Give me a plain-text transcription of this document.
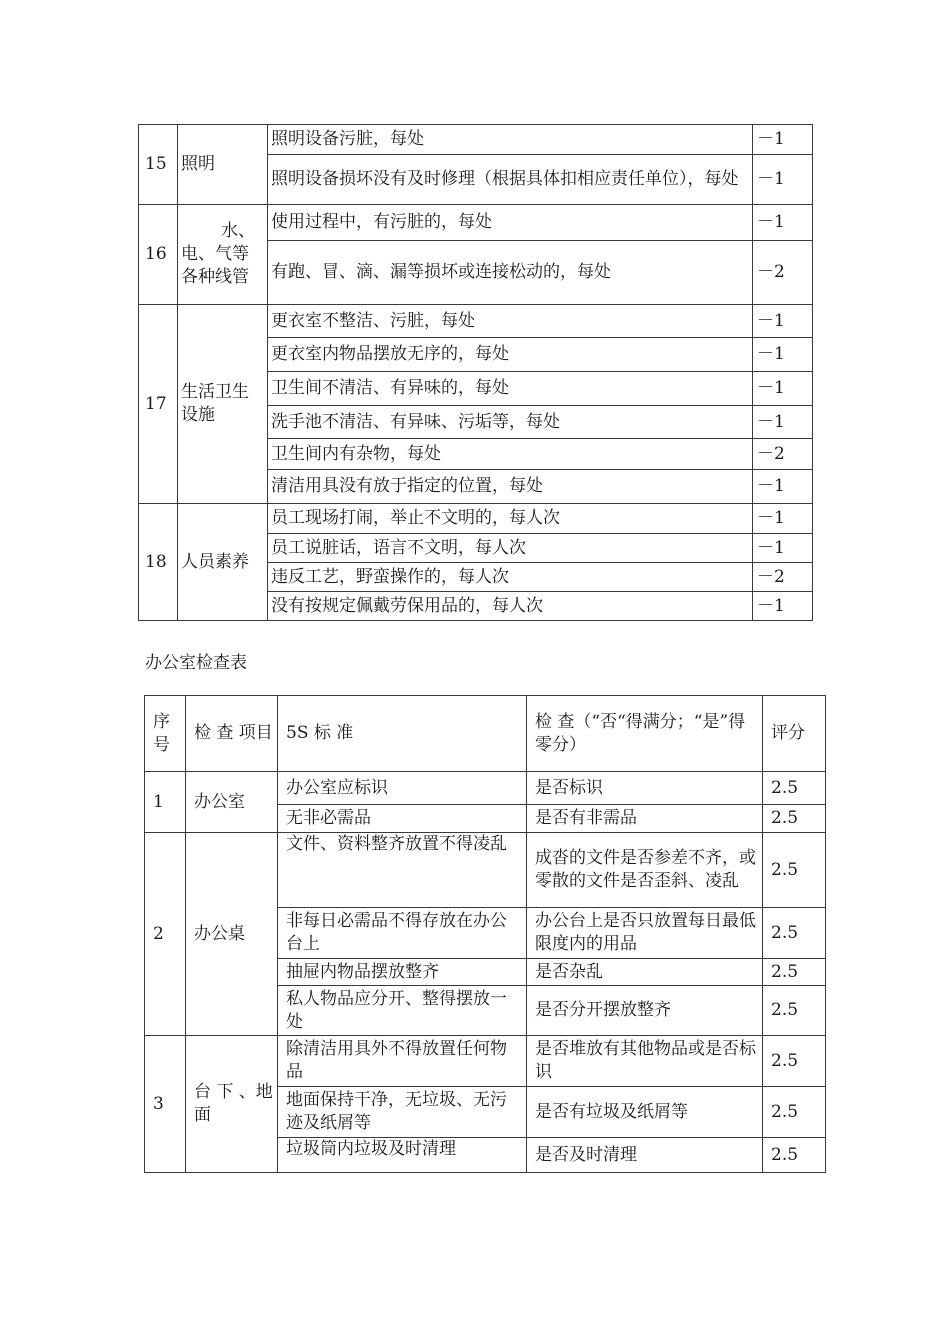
15	照明	照明设备污脏，每处	－1
		照明设备损坏没有及时修理（根据具体扣相应责任单位），每处	－1
16	水、电、气等各种线管	使用过程中，有污脏的，每处	－1
		有跑、冒、滴、漏等损坏或连接松动的，每处	－2
17	生活卫生设施	更衣室不整洁、污脏，每处	－1
		更衣室内物品摆放无序的，每处	－1
		卫生间不清洁、有异味的，每处	－1
		洗手池不清洁、有异味、污垢等，每处	－1
		卫生间内有杂物，每处	－2
		清洁用具没有放于指定的位置，每处	－1
18	人员素养	员工现场打闹，举止不文明的，每人次	－1
		员工说脏话，语言不文明，每人次	－1
		违反工艺，野蛮操作的，每人次	－2
		没有按规定佩戴劳保用品的，每人次	－1
办公室检查表
序号	检 查 项目	5S 标 准	检 查（“否“得满分；“是”得零分）	评分
1	办公室	办公室应标识	是否标识	2.5
		无非必需品	是否有非需品	2.5
2	办公桌	文件、资料整齐放置不得凌乱	成沓的文件是否参差不齐，或零散的文件是否歪斜、凌乱	2.5
		非每日必需品不得存放在办公台上	办公台上是否只放置每日最低限度内的用品	2.5
		抽屉内物品摆放整齐	是否杂乱	2.5
		私人物品应分开、整得摆放一处	是否分开摆放整齐	2.5
3	台 下 、地面	除清洁用具外不得放置任何物品	是否堆放有其他物品或是否标识	2.5
		地面保持干净，无垃圾、无污迹及纸屑等	是否有垃圾及纸屑等	2.5
		垃圾筒内垃圾及时清理	是否及时清理	2.5
